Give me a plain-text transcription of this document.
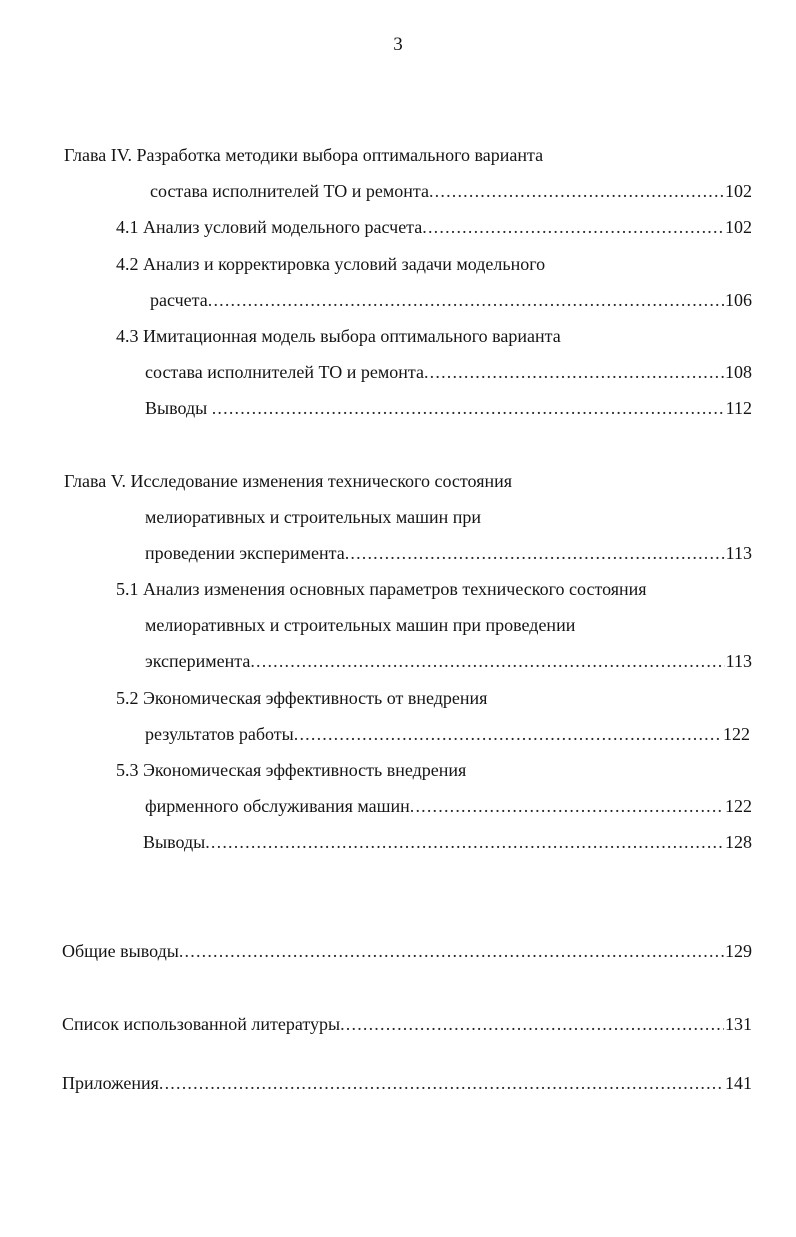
3
Глава IV. Разработка методики выбора оптимального варианта
состава исполнителей ТО и ремонта .....	102
4.1 Анализ условий модельного расчета .....	102
4.2 Анализ и корректировка условий задачи модельного
расчета .....	106
4.3 Имитационная модель выбора оптимального варианта
состава исполнителей ТО и ремонта .....	108
Выводы .....	112
Глава V. Исследование изменения технического состояния
мелиоративных и строительных машин при
проведении эксперимента .....	113
5.1 Анализ изменения основных параметров технического состояния
мелиоративных и строительных машин при проведении
эксперимента .....	113
5.2 Экономическая эффективность от внедрения
результатов работы .....	122
5.3 Экономическая эффективность внедрения
фирменного обслуживания машин .....	122
Выводы .....	128
Общие выводы .....	129
Список использованной литературы .....	131
Приложения .....	141
